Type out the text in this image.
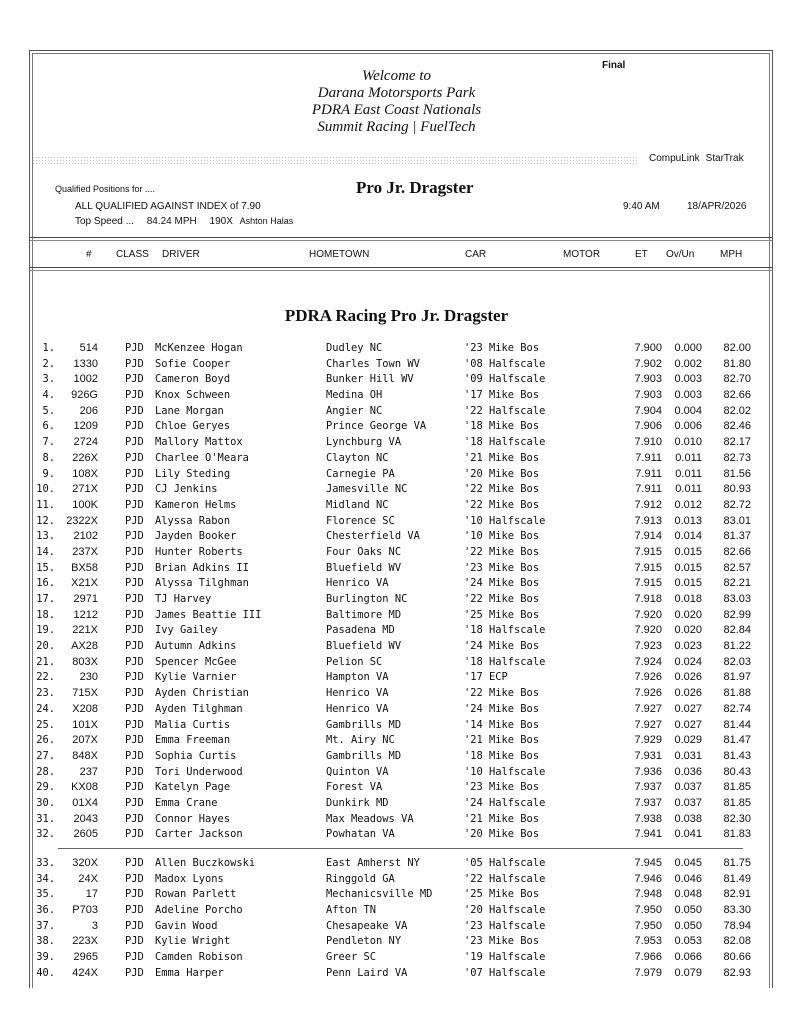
Final
Welcome to
Darana Motorsports Park
PDRA East Coast Nationals
Summit Racing | FuelTech
CompuLink StarTrak
Qualified Positions for ....	Pro Jr. Dragster
ALL QUALIFIED AGAINST INDEX of 7.90
Top Speed ... 84.24 MPH 190X Ashton Halas
9:40 AM	18/APR/2026
# CLASS DRIVER	HOMETOWN	CAR	MOTOR	ET Ov/Un	MPH
PDRA Racing Pro Jr. Dragster
1.	514	PJD McKenzee Hogan	Dudley NC	'23 Mike Bos	7.900	0.000	82.00
2.	1330	PJD Sofie Cooper	Charles Town WV	'08 Halfscale	7.902	0.002	81.80
3.	1002	PJD Cameron Boyd	Bunker Hill WV	'09 Halfscale	7.903	0.003	82.70
4.	926G	PJD Knox Schween	Medina OH	'17 Mike Bos	7.903	0.003	82.66
5.	206	PJD Lane Morgan	Angier NC	'22 Halfscale	7.904	0.004	82.02
6.	1209	PJD Chloe Geryes	Prince George VA	'18 Mike Bos	7.906	0.006	82.46
7.	2724	PJD Mallory Mattox	Lynchburg VA	'18 Halfscale	7.910	0.010	82.17
8.	226X	PJD Charlee O'Meara	Clayton NC	'21 Mike Bos	7.911	0.011	82.73
9.	108X	PJD Lily Steding	Carnegie PA	'20 Mike Bos	7.911	0.011	81.56
10.	271X	PJD CJ Jenkins	Jamesville NC	'22 Mike Bos	7.911	0.011	80.93
11.	100K	PJD Kameron Helms	Midland NC	'22 Mike Bos	7.912	0.012	82.72
12.	2322X	PJD Alyssa Rabon	Florence SC	'10 Halfscale	7.913	0.013	83.01
13.	2102	PJD Jayden Booker	Chesterfield VA	'10 Mike Bos	7.914	0.014	81.37
14.	237X	PJD Hunter Roberts	Four Oaks NC	'22 Mike Bos	7.915	0.015	82.66
15.	BX58	PJD Brian Adkins II	Bluefield WV	'23 Mike Bos	7.915	0.015	82.57
16.	X21X	PJD Alyssa Tilghman	Henrico VA	'24 Mike Bos	7.915	0.015	82.21
17.	2971	PJD TJ Harvey	Burlington NC	'22 Mike Bos	7.918	0.018	83.03
18.	1212	PJD James Beattie III	Baltimore MD	'25 Mike Bos	7.920	0.020	82.99
19.	221X	PJD Ivy Gailey	Pasadena MD	'18 Halfscale	7.920	0.020	82.84
20.	AX28	PJD Autumn Adkins	Bluefield WV	'24 Mike Bos	7.923	0.023	81.22
21.	803X	PJD Spencer McGee	Pelion SC	'18 Halfscale	7.924	0.024	82.03
22.	230	PJD Kylie Varnier	Hampton VA	'17 ECP	7.926	0.026	81.97
23.	715X	PJD Ayden Christian	Henrico VA	'22 Mike Bos	7.926	0.026	81.88
24.	X208	PJD Ayden Tilghman	Henrico VA	'24 Mike Bos	7.927	0.027	82.74
25.	101X	PJD Malia Curtis	Gambrills MD	'14 Mike Bos	7.927	0.027	81.44
26.	207X	PJD Emma Freeman	Mt. Airy NC	'21 Mike Bos	7.929	0.029	81.47
27.	848X	PJD Sophia Curtis	Gambrills MD	'18 Mike Bos	7.931	0.031	81.43
28.	237	PJD Tori Underwood	Quinton VA	'10 Halfscale	7.936	0.036	80.43
29.	KX08	PJD Katelyn Page	Forest VA	'23 Mike Bos	7.937	0.037	81.85
30.	01X4	PJD Emma Crane	Dunkirk MD	'24 Halfscale	7.937	0.037	81.85
31.	2043	PJD Connor Hayes	Max Meadows VA	'21 Mike Bos	7.938	0.038	82.30
32.	2605	PJD Carter Jackson	Powhatan VA	'20 Mike Bos	7.941	0.041	81.83
33.	320X	PJD Allen Buczkowski	East Amherst NY	'05 Halfscale	7.945	0.045	81.75
34.	24X	PJD Madox Lyons	Ringgold GA	'22 Halfscale	7.946	0.046	81.49
35.	17	PJD Rowan Parlett	Mechanicsville MD	'25 Mike Bos	7.948	0.048	82.91
36.	P703	PJD Adeline Porcho	Afton TN	'20 Halfscale	7.950	0.050	83.30
37.	3	PJD Gavin Wood	Chesapeake VA	'23 Halfscale	7.950	0.050	78.94
38.	223X	PJD Kylie Wright	Pendleton NY	'23 Mike Bos	7.953	0.053	82.08
39.	2965	PJD Camden Robison	Greer SC	'19 Halfscale	7.966	0.066	80.66
40.	424X	PJD Emma Harper	Penn Laird VA	'07 Halfscale	7.979	0.079	82.93
